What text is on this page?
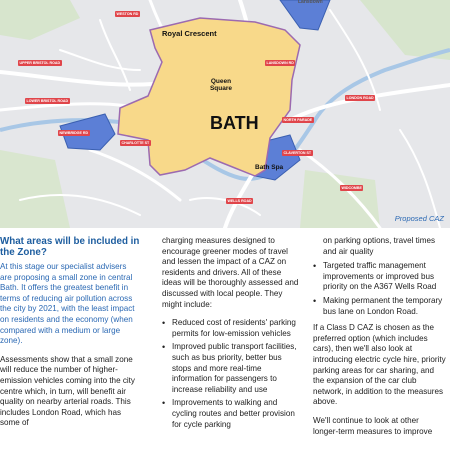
Lansdown
Royal Crescent
Queen Square
BATH
Bath Spa
WESTON RD
LANSDOWN RD
UPPER BRISTOL ROAD
LONDON ROAD
NORTH PARADE
WELLS ROAD
CLAVERTON ST
LOWER BRISTOL ROAD
NEWBRIDGE RD
CHARLOTTE ST
WIDCOMBE
Proposed CAZ
What areas will be included in the Zone?

At this stage our specialist advisers are proposing a small zone in central Bath. It offers the greatest benefit in terms of reducing air pollution across the city by 2021, with the least impact on residents and the economy (when compared with a medium or large zone).

Assessments show that a small zone will reduce the number of higher-emission vehicles coming into the city centre which, in turn, will benefit air quality on nearby arterial roads. This includes London Road, which has some of

charging measures designed to encourage greener modes of travel and lessen the impact of a CAZ on residents and drivers. All of these ideas will be thoroughly assessed and discussed with local people. They might include:

• Reduced cost of residents' parking permits for low-emission vehicles
• Improved public transport facilities, such as bus priority, better bus stops and more real-time information for passengers to increase reliability and use
• Improvements to walking and cycling routes and better provision for cycle parking

on parking options, travel times and air quality

• Targeted traffic management improvements or improved bus priority on the A367 Wells Road
• Making permanent the temporary bus lane on London Road.

If a Class D CAZ is chosen as the preferred option (which includes cars), then we'll also look at introducing electric cycle hire, priority parking areas for car sharing, and the expansion of the car club network, in addition to the measures above.

We'll continue to look at other longer-term measures to improve
